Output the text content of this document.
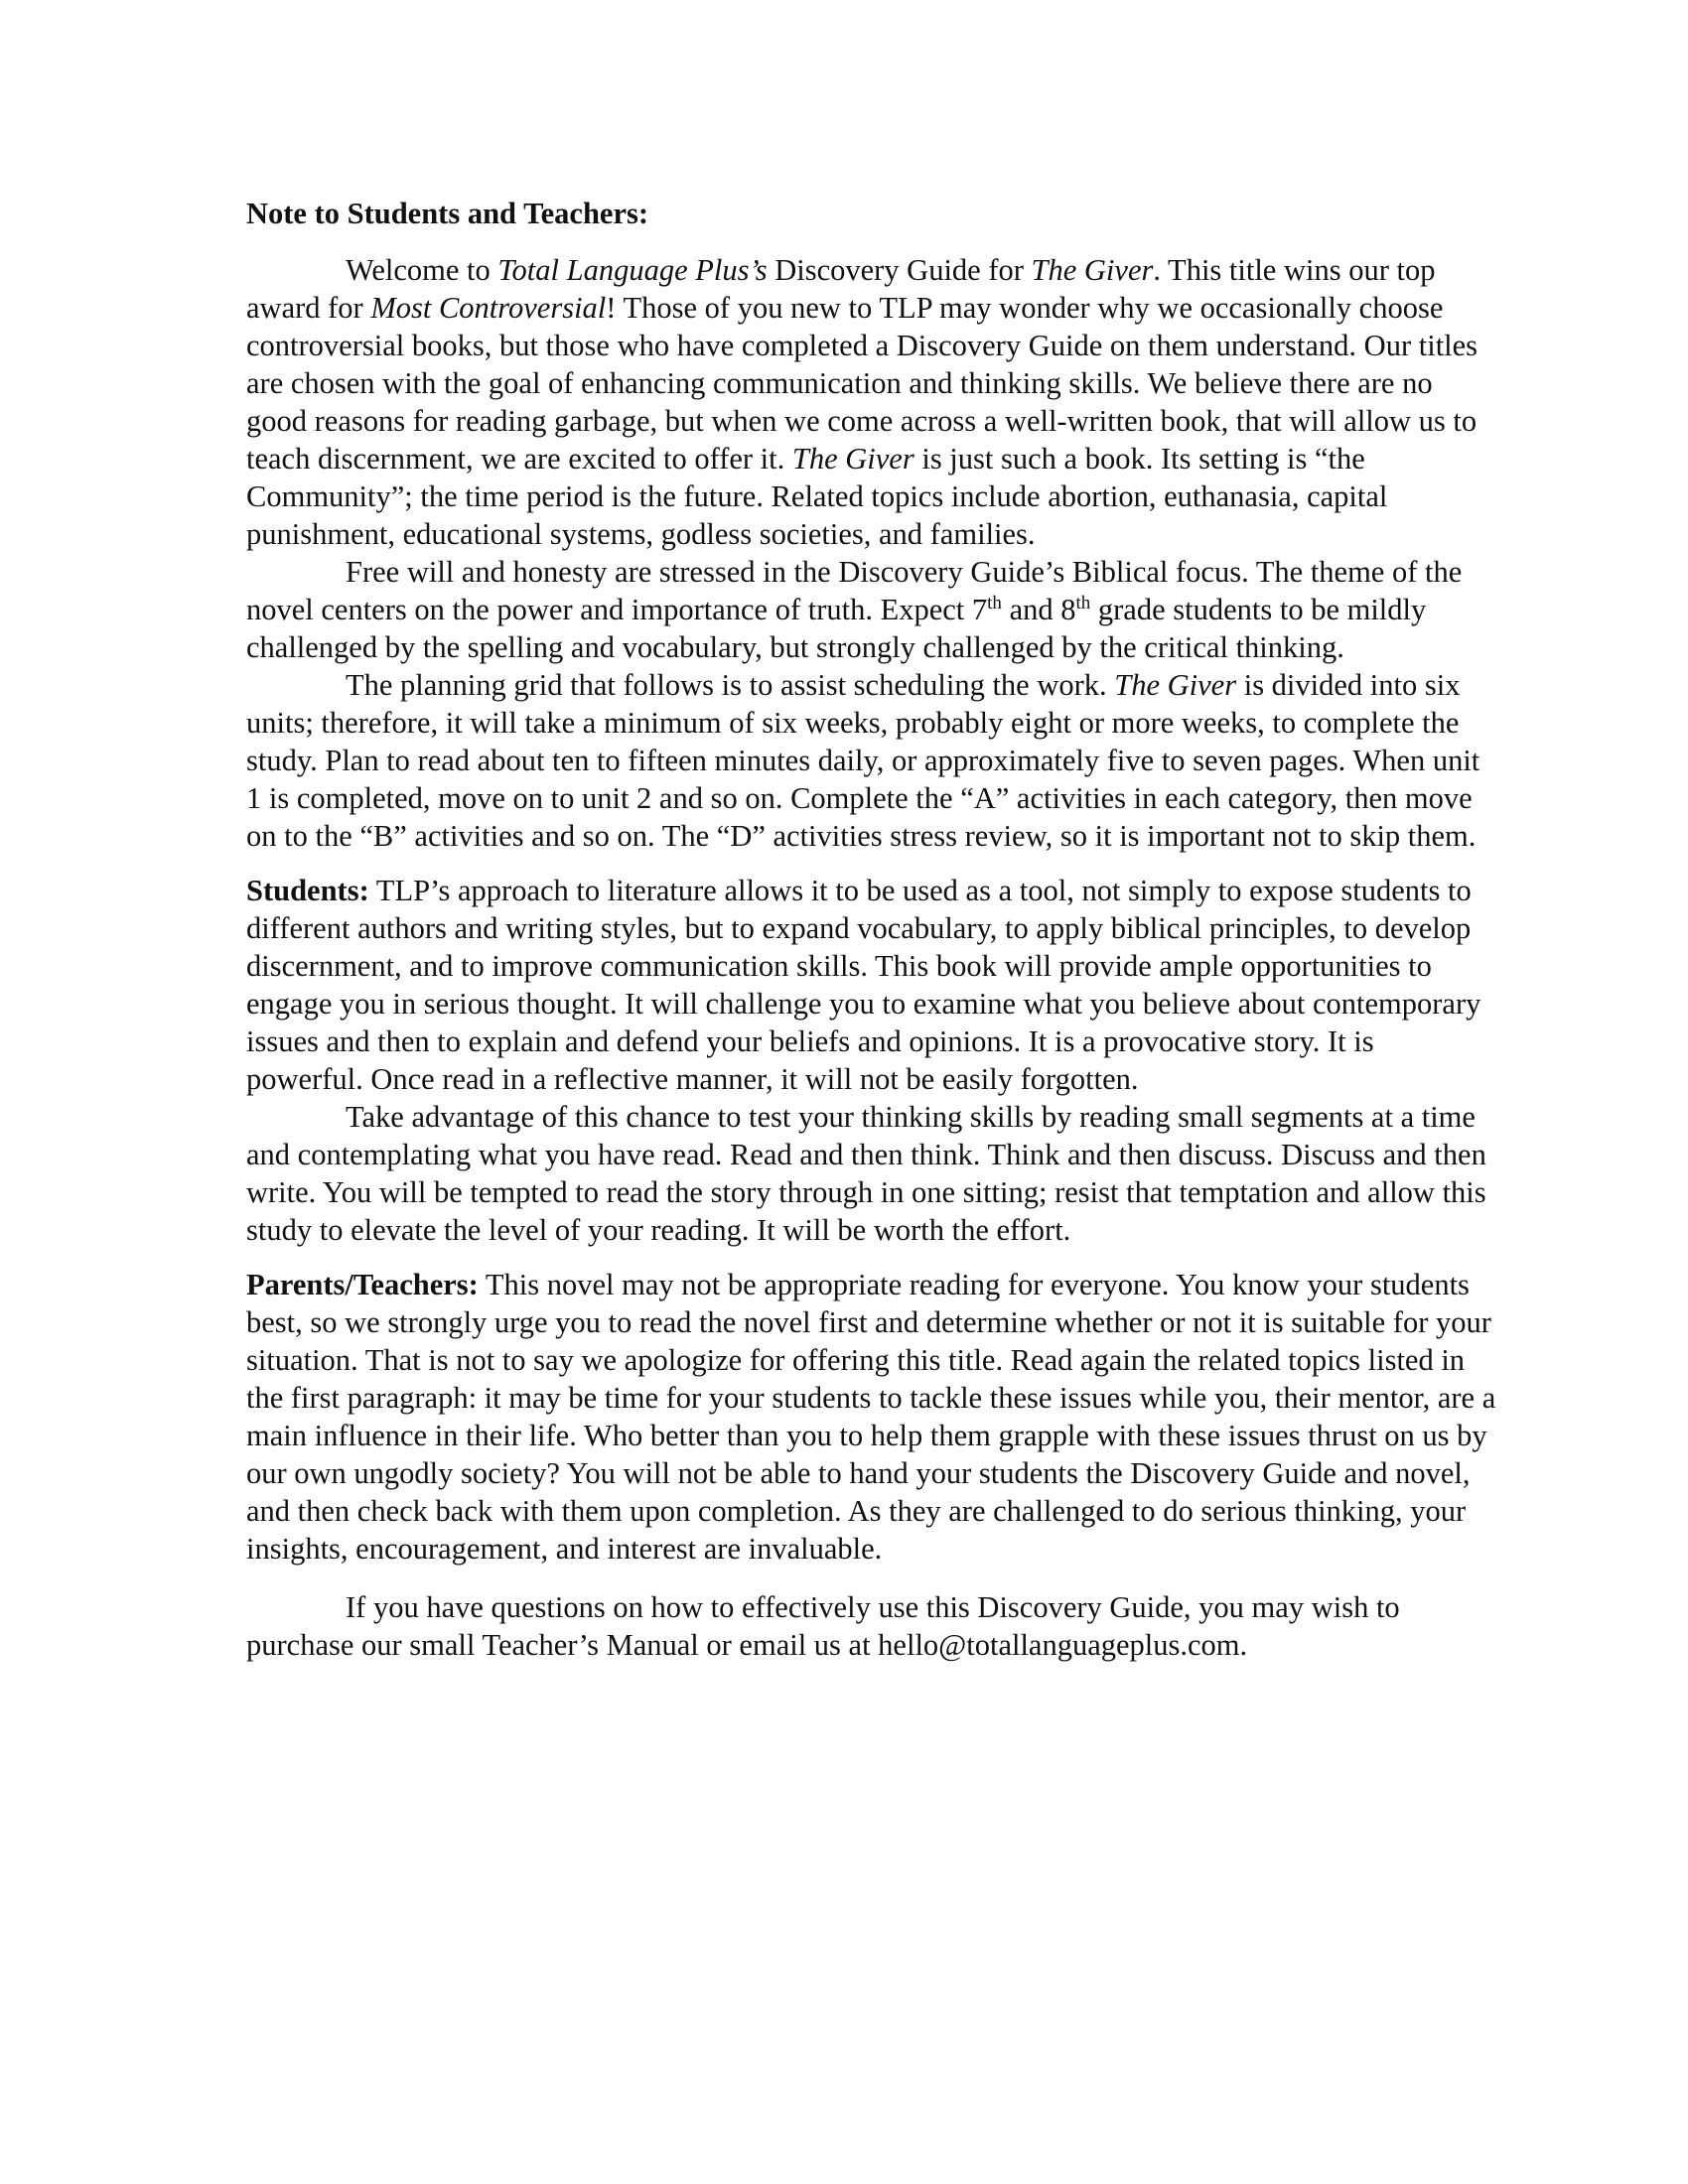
Note to Students and Teachers:

Welcome to Total Language Plus’s Discovery Guide for The Giver. This title wins our top award for Most Controversial! Those of you new to TLP may wonder why we occasionally choose controversial books, but those who have completed a Discovery Guide on them understand. Our titles are chosen with the goal of enhancing communication and thinking skills. We believe there are no good reasons for reading garbage, but when we come across a well-written book, that will allow us to teach discernment, we are excited to offer it. The Giver is just such a book. Its setting is “the Community”; the time period is the future. Related topics include abortion, euthanasia, capital punishment, educational systems, godless societies, and families.

Free will and honesty are stressed in the Discovery Guide’s Biblical focus. The theme of the novel centers on the power and importance of truth. Expect 7th and 8th grade students to be mildly challenged by the spelling and vocabulary, but strongly challenged by the critical thinking.

The planning grid that follows is to assist scheduling the work. The Giver is divided into six units; therefore, it will take a minimum of six weeks, probably eight or more weeks, to complete the study. Plan to read about ten to fifteen minutes daily, or approximately five to seven pages. When unit 1 is completed, move on to unit 2 and so on. Complete the “A” activities in each category, then move on to the “B” activities and so on. The “D” activities stress review, so it is important not to skip them.

Students: TLP’s approach to literature allows it to be used as a tool, not simply to expose students to different authors and writing styles, but to expand vocabulary, to apply biblical principles, to develop discernment, and to improve communication skills. This book will provide ample opportunities to engage you in serious thought. It will challenge you to examine what you believe about contemporary issues and then to explain and defend your beliefs and opinions. It is a provocative story. It is powerful. Once read in a reflective manner, it will not be easily forgotten.

Take advantage of this chance to test your thinking skills by reading small segments at a time and contemplating what you have read. Read and then think. Think and then discuss. Discuss and then write. You will be tempted to read the story through in one sitting; resist that temptation and allow this study to elevate the level of your reading. It will be worth the effort.

Parents/Teachers: This novel may not be appropriate reading for everyone. You know your students best, so we strongly urge you to read the novel first and determine whether or not it is suitable for your situation. That is not to say we apologize for offering this title. Read again the related topics listed in the first paragraph: it may be time for your students to tackle these issues while you, their mentor, are a main influence in their life. Who better than you to help them grapple with these issues thrust on us by our own ungodly society? You will not be able to hand your students the Discovery Guide and novel, and then check back with them upon completion. As they are challenged to do serious thinking, your insights, encouragement, and interest are invaluable.

If you have questions on how to effectively use this Discovery Guide, you may wish to purchase our small Teacher’s Manual or email us at hello@totallanguageplus.com.
